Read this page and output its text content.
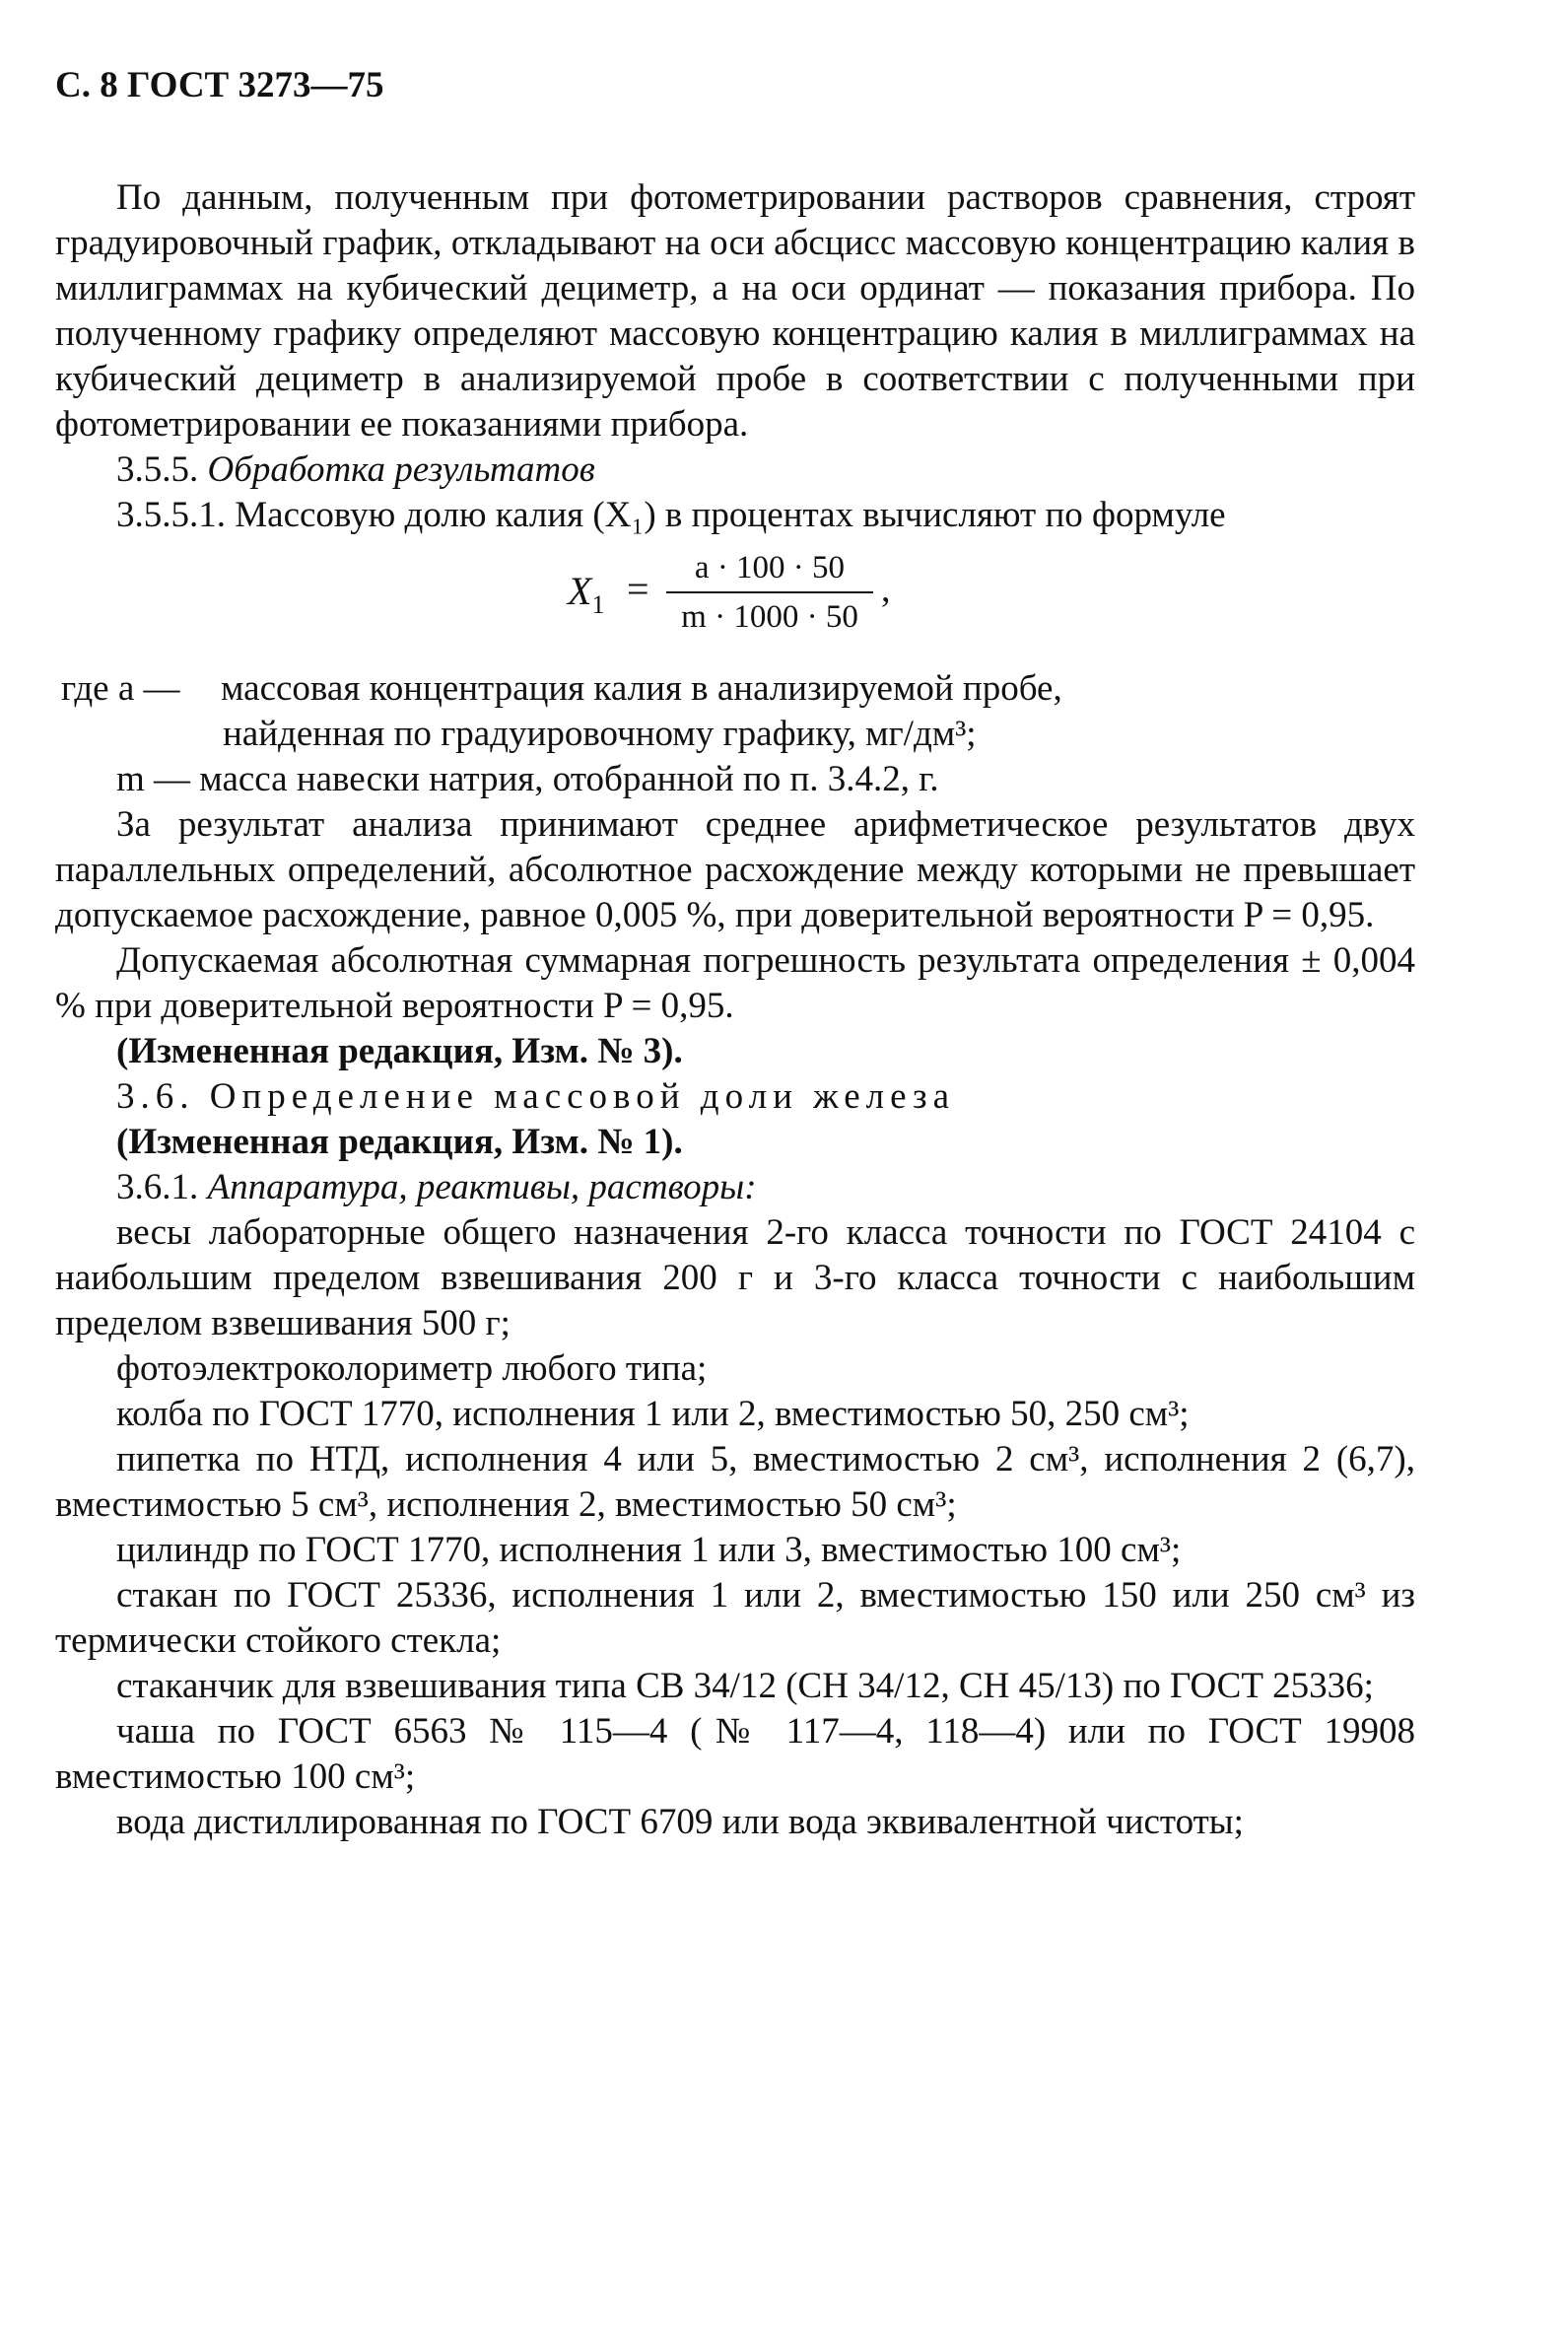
С. 8 ГОСТ 3273—75

По данным, полученным при фотометрировании растворов сравнения, строят градуировочный график, откладывают на оси абсцисс массовую концентрацию калия в миллиграммах на кубический дециметр, а на оси ординат — показания прибора. По полученному графику определяют массовую концентрацию калия в миллиграммах на кубический дециметр в анализируемой пробе в соответствии с полученными при фотометрировании ее показаниями прибора.

3.5.5. Обработка результатов

3.5.5.1. Массовую долю калия (X₁) в процентах вычисляют по формуле

$X_1$ =	a · 100 · 50
m · 1000 · 50
,
где a —	массовая концентрация калия в анализируемой пробе,
найденная по градуировочному графику, мг/дм³;
m — масса навески натрия, отобранной по п. 3.4.2, г.

За результат анализа принимают среднее арифметическое результатов двух параллельных определений, абсолютное расхождение между которыми не превышает допускаемое расхождение, равное 0,005 %, при доверительной вероятности P = 0,95.

Допускаемая абсолютная суммарная погрешность результата определения ± 0,004 % при доверительной вероятности P = 0,95.

(Измененная редакция, Изм. № 3).

3.6. Определение массовой доли железа

(Измененная редакция, Изм. № 1).

3.6.1. Аппаратура, реактивы, растворы:

весы лабораторные общего назначения 2-го класса точности по ГОСТ 24104 с наибольшим пределом взвешивания 200 г и 3-го класса точности с наибольшим пределом взвешивания 500 г;

фотоэлектроколориметр любого типа;

колба по ГОСТ 1770, исполнения 1 или 2, вместимостью 50, 250 см³;

пипетка по НТД, исполнения 4 или 5, вместимостью 2 см³, исполнения 2 (6,7), вместимостью 5 см³, исполнения 2, вместимостью 50 см³;

цилиндр по ГОСТ 1770, исполнения 1 или 3, вместимостью 100 см³;

стакан по ГОСТ 25336, исполнения 1 или 2, вместимостью 150 или 250 см³ из термически стойкого стекла;

стаканчик для взвешивания типа СВ 34/12 (СН 34/12, СН 45/13) по ГОСТ 25336;

чаша по ГОСТ 6563 № 115—4 (№ 117—4, 118—4) или по ГОСТ 19908 вместимостью 100 см³;

вода дистиллированная по ГОСТ 6709 или вода эквивалентной чистоты;
